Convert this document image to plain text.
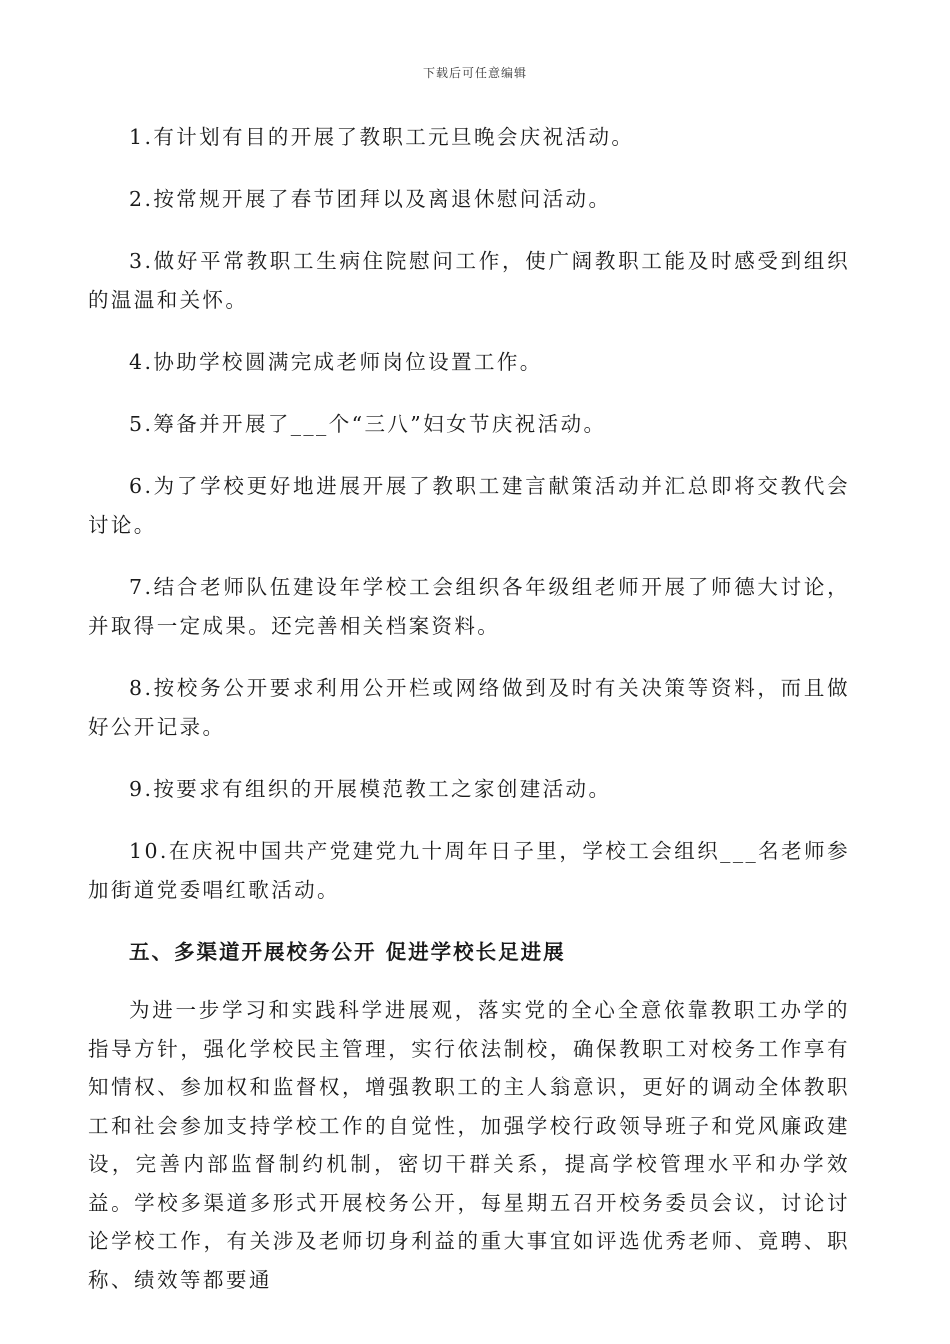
下载后可任意编辑

1.有计划有目的开展了教职工元旦晚会庆祝活动。

2.按常规开展了春节团拜以及离退休慰问活动。

3.做好平常教职工生病住院慰问工作，使广阔教职工能及时感受到组织的温温和关怀。

4.协助学校圆满完成老师岗位设置工作。

5.筹备并开展了___个“三八”妇女节庆祝活动。

6.为了学校更好地进展开展了教职工建言献策活动并汇总即将交教代会讨论。

7.结合老师队伍建设年学校工会组织各年级组老师开展了师德大讨论，并取得一定成果。还完善相关档案资料。

8.按校务公开要求利用公开栏或网络做到及时有关决策等资料，而且做好公开记录。

9.按要求有组织的开展模范教工之家创建活动。

10.在庆祝中国共产党建党九十周年日子里，学校工会组织___名老师参加街道党委唱红歌活动。

五、多渠道开展校务公开 促进学校长足进展

为进一步学习和实践科学进展观，落实党的全心全意依靠教职工办学的指导方针，强化学校民主管理，实行依法制校，确保教职工对校务工作享有知情权、参加权和监督权，增强教职工的主人翁意识，更好的调动全体教职工和社会参加支持学校工作的自觉性，加强学校行政领导班子和党风廉政建设，完善内部监督制约机制，密切干群关系，提高学校管理水平和办学效益。学校多渠道多形式开展校务公开，每星期五召开校务委员会议，讨论讨论学校工作，有关涉及老师切身利益的重大事宜如评选优秀老师、竟聘、职称、绩效等都要通
